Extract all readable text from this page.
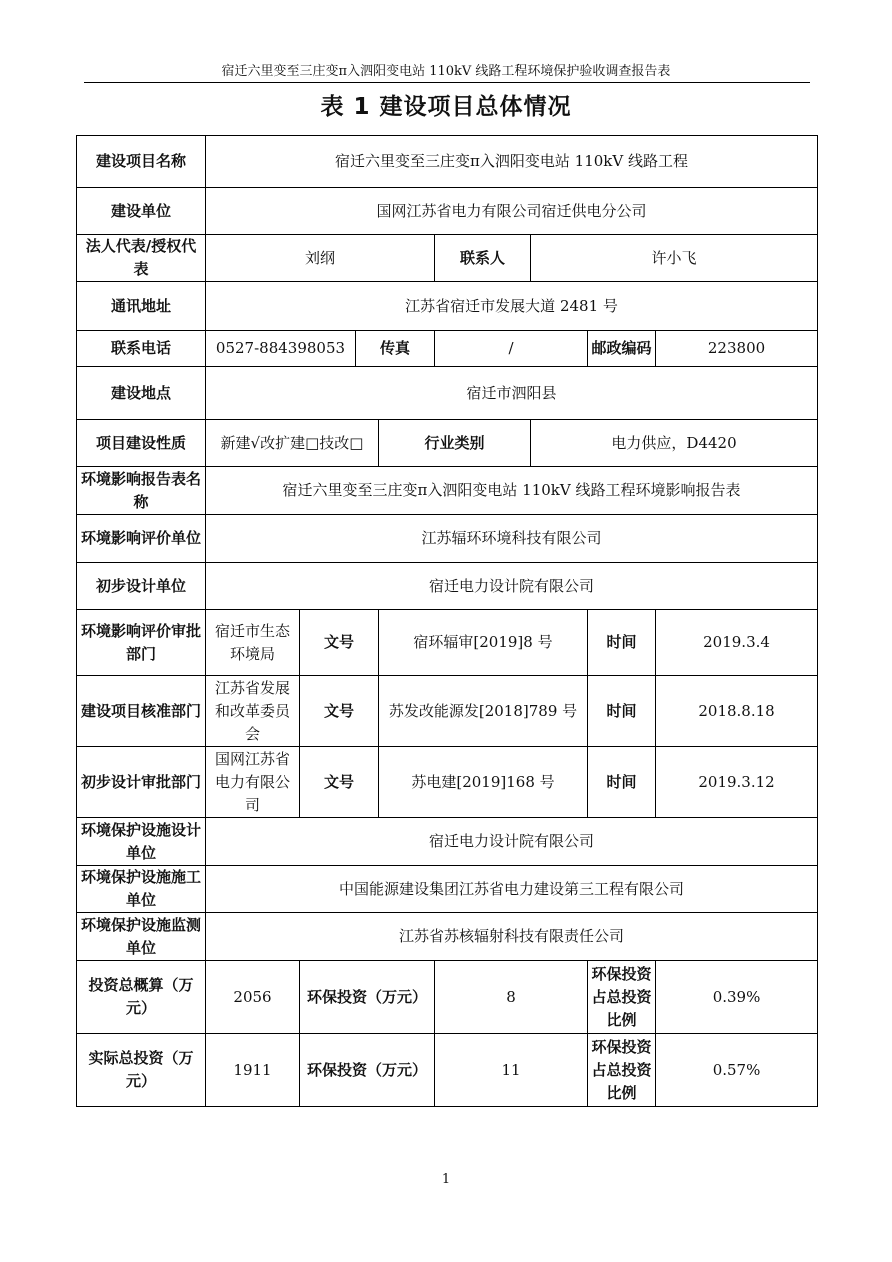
宿迁六里变至三庄变π入泗阳变电站 110kV 线路工程环境保护验收调查报告表
表 1 建设项目总体情况
建设项目名称	宿迁六里变至三庄变π入泗阳变电站 110kV 线路工程							
建设单位	国网江苏省电力有限公司宿迁供电分公司							
法人代表/授权代表	刘纲				联系人	许小飞		
通讯地址	江苏省宿迁市发展大道 2481 号							
联系电话	0527-884398053		传真		/		邮政编码	223800
建设地点	宿迁市泗阳县							
项目建设性质	新建√改扩建□技改□			行业类别		电力供应，D4420		
环境影响报告表名称	宿迁六里变至三庄变π入泗阳变电站 110kV 线路工程环境影响报告表							
环境影响评价单位	江苏辐环环境科技有限公司							
初步设计单位	宿迁电力设计院有限公司							
环境影响评价审批部门	宿迁市生态环境局	文号		宿环辐审[2019]8 号			时间	2019.3.4
建设项目核准部门	江苏省发展和改革委员会	文号		苏发改能源发[2018]789 号			时间	2018.8.18
初步设计审批部门	国网江苏省电力有限公司	文号		苏电建[2019]168 号			时间	2019.3.12
环境保护设施设计单位	宿迁电力设计院有限公司							
环境保护设施施工单位	中国能源建设集团江苏省电力建设第三工程有限公司							
环境保护设施监测单位	江苏省苏核辐射科技有限责任公司							
投资总概算（万元）	2056	环保投资（万元）			8		环保投资占总投资比例	0.39%
实际总投资（万元）	1911	环保投资（万元）			11		环保投资占总投资比例	0.57%
1
